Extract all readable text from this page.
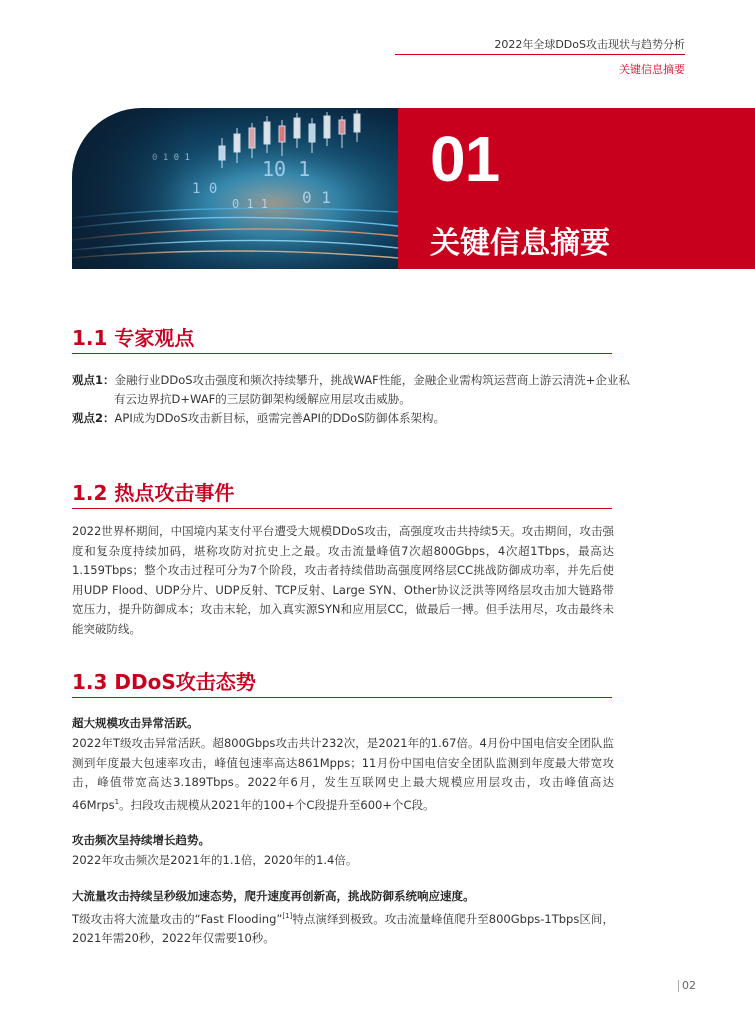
2022年全球DDoS攻击现状与趋势分析
关键信息摘要
01
关键信息摘要
1.1 专家观点
观点1：金融行业DDoS攻击强度和频次持续攀升，挑战WAF性能，金融企业需构筑运营商上游云清洗+企业私
有云边界抗D+WAF的三层防御架构缓解应用层攻击威胁。
观点2：API成为DDoS攻击新目标，亟需完善API的DDoS防御体系架构。
1.2 热点攻击事件
2022世界杯期间，中国境内某支付平台遭受大规模DDoS攻击，高强度攻击共持续5天。攻击期间，攻击强度和复杂度持续加码，堪称攻防对抗史上之最。攻击流量峰值7次超800Gbps，4次超1Tbps，最高达1.159Tbps；整个攻击过程可分为7个阶段，攻击者持续借助高强度网络层CC挑战防御成功率，并先后使用UDP Flood、UDP分片、UDP反射、TCP反射、Large SYN、Other协议泛洪等网络层攻击加大链路带宽压力，提升防御成本；攻击末轮，加入真实源SYN和应用层CC，做最后一搏。但手法用尽，攻击最终未能突破防线。
1.3 DDoS攻击态势
超大规模攻击异常活跃。
2022年T级攻击异常活跃。超800Gbps攻击共计232次，是2021年的1.67倍。4月份中国电信安全团队监测到年度最大包速率攻击，峰值包速率高达861Mpps；11月份中国电信安全团队监测到年度最大带宽攻击，峰值带宽高达3.189Tbps。2022年6月，发生互联网史上最大规模应用层攻击，攻击峰值高达46Mrps$^1$。扫段攻击规模从2021年的100+个C段提升至600+个C段。
攻击频次呈持续增长趋势。
2022年攻击频次是2021年的1.1倍，2020年的1.4倍。
大流量攻击持续呈秒级加速态势，爬升速度再创新高，挑战防御系统响应速度。
T级攻击将大流量攻击的“Fast Flooding”[1]特点演绎到极致。攻击流量峰值爬升至800Gbps-1Tbps区间，2021年需20秒，2022年仅需要10秒。
02
